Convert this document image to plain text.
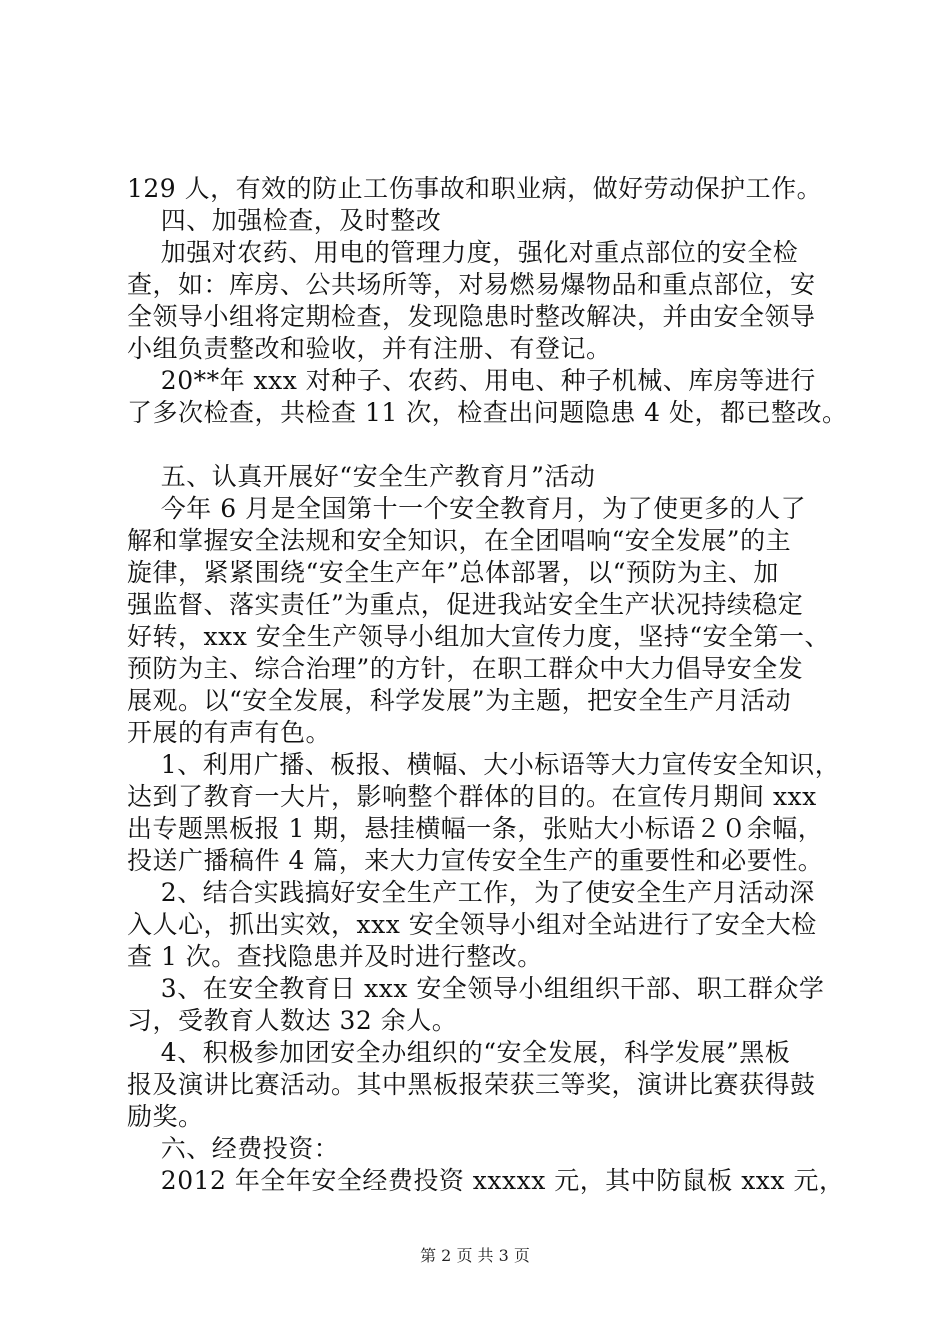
129 人，有效的防止工伤事故和职业病，做好劳动保护工作。
四、加强检查，及时整改
加强对农药、用电的管理力度，强化对重点部位的安全检
查，如：库房、公共场所等，对易燃易爆物品和重点部位，安
全领导小组将定期检查，发现隐患时整改解决，并由安全领导
小组负责整改和验收，并有注册、有登记。
20**年 xxx 对种子、农药、用电、种子机械、库房等进行
了多次检查，共检查 11 次，检查出问题隐患 4 处，都已整改。
五、认真开展好“安全生产教育月”活动
今年 6 月是全国第十一个安全教育月，为了使更多的人了
解和掌握安全法规和安全知识，在全团唱响“安全发展”的主
旋律，紧紧围绕“安全生产年”总体部署，以“预防为主、加
强监督、落实责任”为重点，促进我站安全生产状况持续稳定
好转，xxx 安全生产领导小组加大宣传力度，坚持“安全第一、
预防为主、综合治理”的方针，在职工群众中大力倡导安全发
展观。以“安全发展，科学发展”为主题，把安全生产月活动
开展的有声有色。
1、利用广播、板报、横幅、大小标语等大力宣传安全知识，
达到了教育一大片，影响整个群体的目的。在宣传月期间 xxx
出专题黑板报 1 期，悬挂横幅一条，张贴大小标语２０余幅，
投送广播稿件 4 篇，来大力宣传安全生产的重要性和必要性。
2、结合实践搞好安全生产工作，为了使安全生产月活动深
入人心，抓出实效，xxx 安全领导小组对全站进行了安全大检
查 1 次。查找隐患并及时进行整改。
3、在安全教育日 xxx 安全领导小组组织干部、职工群众学
习，受教育人数达 32 余人。
4、积极参加团安全办组织的“安全发展，科学发展”黑板
报及演讲比赛活动。其中黑板报荣获三等奖，演讲比赛获得鼓
励奖。
六、经费投资：
2012 年全年安全经费投资 xxxxx 元，其中防鼠板 xxx 元，
第 2 页 共 3 页
